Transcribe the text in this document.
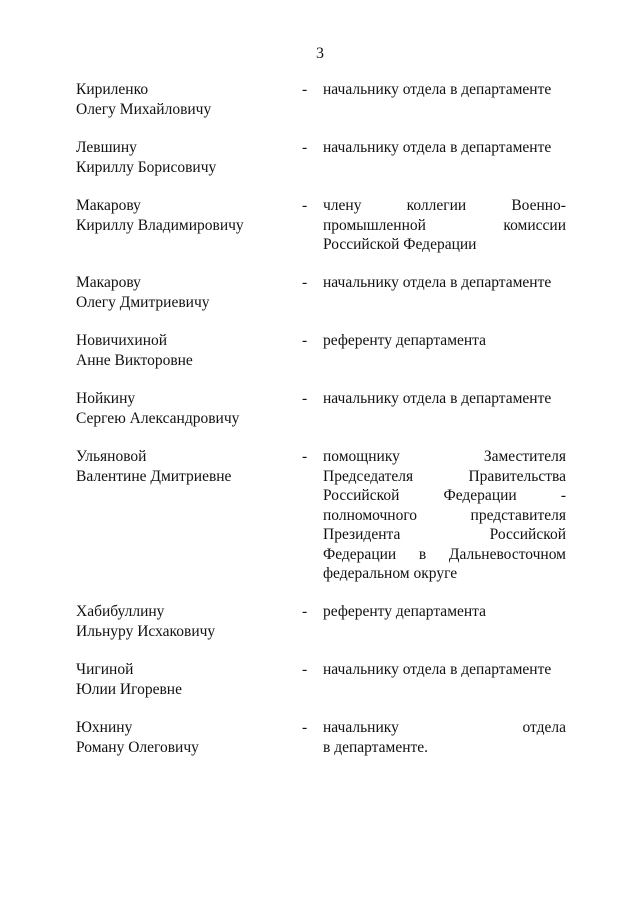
3
Кириленко
Олегу Михайловичу
- начальнику отдела в департаменте
Левшину
Кириллу Борисовичу
- начальнику отдела в департаменте
Макарову
Кириллу Владимировичу
- члену	коллегии	Военно-
промышленной	комиссии
Российской Федерации
Макарову
Олегу Дмитриевичу
- начальнику отдела в департаменте
Новичихиной
Анне Викторовне
- референту департамента
Нойкину
Сергею Александровичу
- начальнику отдела в департаменте
Ульяновой
Валентине Дмитриевне
- помощнику	Заместителя
Председателя	Правительства
Российской	Федерации	-
полномочного	представителя
Президента	Российской
Федерации в Дальневосточном
федеральном округе
Хабибуллину
Ильнуру Исхаковичу
- референту департамента
Чигиной
Юлии Игоревне
- начальнику отдела в департаменте
Юхнину
Роману Олеговичу
- начальнику	отдела
в департаменте.
